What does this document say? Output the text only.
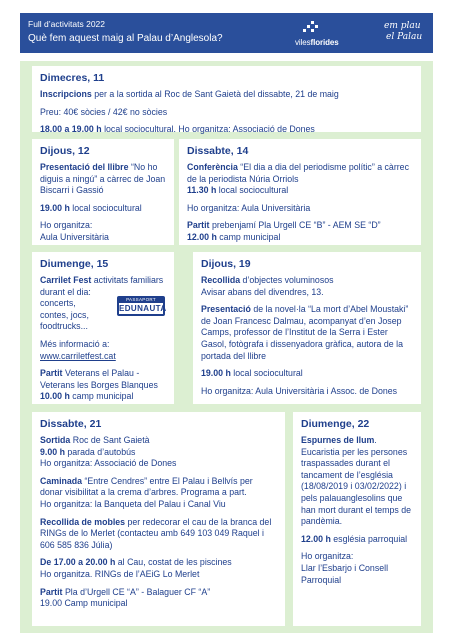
Full d’activitats 2022
Què fem aquest maig al Palau d’Anglesola?	vilesflorides
em plau
el Palau
Dimecres, 11

Inscripcions per a la sortida al Roc de Sant Gaietà del dissabte, 21 de maig

Preu: 40€ sòcies / 42€ no sòcies

18.00 a 19.00 h local sociocultural. Ho organitza: Associació de Dones

Dijous, 12

Presentació del llibre “No ho diguis a ningú” a càrrec de Joan Biscarri i Gassió

19.00 h local sociocultural

Ho organitza:
Aula Universitària

Dissabte, 14

Conferència “El dia a dia del periodisme polític” a càrrec de la periodista Núria Orriols
11.30 h local sociocultural

Ho organitza: Aula Universitària

Partit prebenjamí Pla Urgell CE “B” - AEM SE “D”
12.00 h camp municipal

Diumenge, 15

Carrilet Fest activitats familiars durant el dia:
concerts,
contes, jocs,
foodtrucks...

Més informació a:
www.carriletfest.cat

Partit Veterans el Palau - Veterans les Borges Blanques
10.00 h camp municipal

PASSAPORT
EDUNAUTA
Dijous, 19

Recollida d’objectes voluminosos
Avisar abans del divendres, 13.

Presentació de la novel·la “La mort d’Abel Moustaki” de Joan Francesc Dalmau, acompanyat d’en Josep Camps, professor de l’Institut de la Serra i Ester Gasol, fotògrafa i dissenyadora gràfica, autora de la portada del llibre

19.00 h local sociocultural

Ho organitza: Aula Universitària i Assoc. de Dones

Dissabte, 21

Sortida Roc de Sant Gaietà
9.00 h parada d’autobús
Ho organitza: Associació de Dones

Caminada “Entre Cendres” entre El Palau i Bellvís per donar visibilitat a la crema d’arbres. Programa a part.
Ho organitza: la Banqueta del Palau i Canal Viu

Recollida de mobles per redecorar el cau de la branca del RINGs de lo Merlet (contacteu amb 649 103 049 Raquel i 606 585 836 Júlia)

De 17.00 a 20.00 h al Cau, costat de les piscines
Ho organitza. RINGs de l’AEiG Lo Merlet

Partit Pla d’Urgell CE “A” - Balaguer CF “A”
19.00 Camp municipal

Diumenge, 22

Espurnes de llum. Eucaristia per les persones traspassades durant el tancament de l’església (18/08/2019 i 03/02/2022) i pels palauanglesolins que han mort durant el temps de pandèmia.

12.00 h església parroquial

Ho organitza:
Llar l’Esbarjo i Consell Parroquial
